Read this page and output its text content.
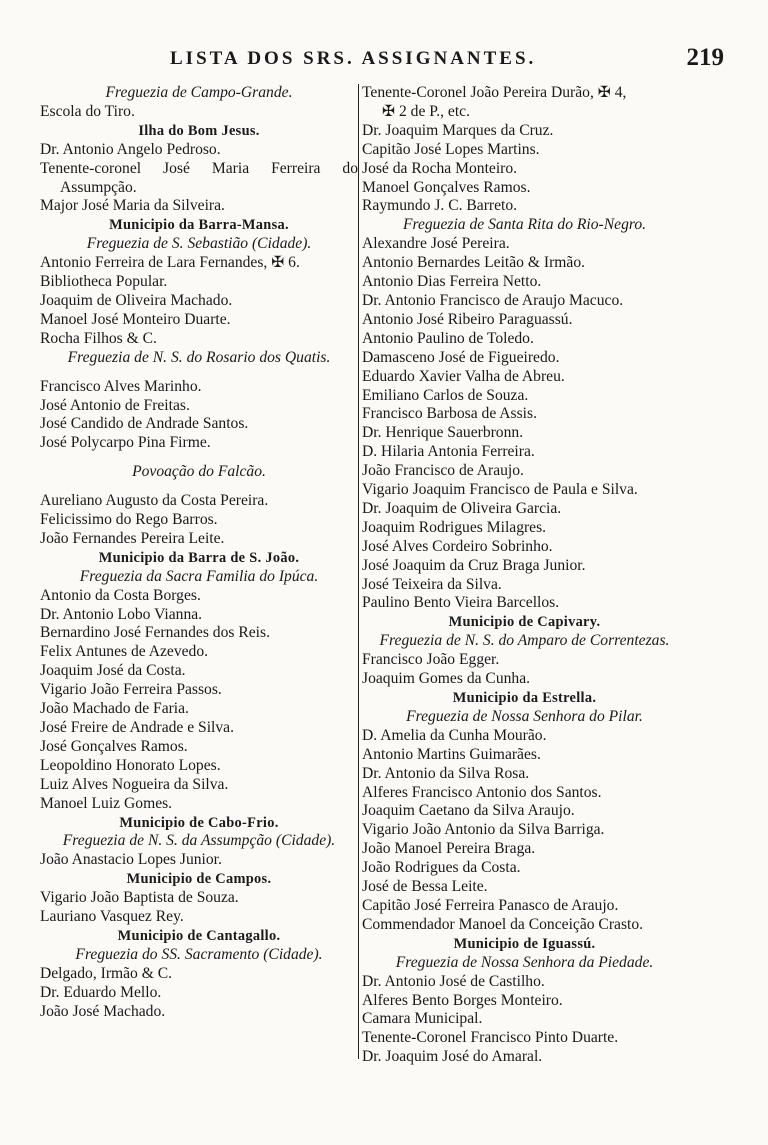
LISTA DOS SRS. ASSIGNANTES.	219
Freguezia de Campo-Grande.
Escola do Tiro.
Ilha do Bom Jesus.
Dr. Antonio Angelo Pedroso.
Tenente-coronel José Maria Ferreira do
Assumpção.
Major José Maria da Silveira.
Municipio da Barra-Mansa.
Freguezia de S. Sebastião (Cidade).
Antonio Ferreira de Lara Fernandes, ✠ 6.
Bibliotheca Popular.
Joaquim de Oliveira Machado.
Manoel José Monteiro Duarte.
Rocha Filhos & C.
Freguezia de N. S. do Rosario dos Quatis.
Francisco Alves Marinho.
José Antonio de Freitas.
José Candido de Andrade Santos.
José Polycarpo Pina Firme.
Povoação do Falcão.
Aureliano Augusto da Costa Pereira.
Felicissimo do Rego Barros.
João Fernandes Pereira Leite.
Municipio da Barra de S. João.
Freguezia da Sacra Familia do Ipúca.
Antonio da Costa Borges.
Dr. Antonio Lobo Vianna.
Bernardino José Fernandes dos Reis.
Felix Antunes de Azevedo.
Joaquim José da Costa.
Vigario João Ferreira Passos.
João Machado de Faria.
José Freire de Andrade e Silva.
José Gonçalves Ramos.
Leopoldino Honorato Lopes.
Luiz Alves Nogueira da Silva.
Manoel Luiz Gomes.
Municipio de Cabo-Frio.
Freguezia de N. S. da Assumpção (Cidade).
João Anastacio Lopes Junior.
Municipio de Campos.
Vigario João Baptista de Souza.
Lauriano Vasquez Rey.
Municipio de Cantagallo.
Freguezia do SS. Sacramento (Cidade).
Delgado, Irmão & C.
Dr. Eduardo Mello.
João José Machado.
Tenente-Coronel João Pereira Durão, ✠ 4,
✠ 2 de P., etc.
Dr. Joaquim Marques da Cruz.
Capitão José Lopes Martins.
José da Rocha Monteiro.
Manoel Gonçalves Ramos.
Raymundo J. C. Barreto.
Freguezia de Santa Rita do Rio-Negro.
Alexandre José Pereira.
Antonio Bernardes Leitão & Irmão.
Antonio Dias Ferreira Netto.
Dr. Antonio Francisco de Araujo Macuco.
Antonio José Ribeiro Paraguassú.
Antonio Paulino de Toledo.
Damasceno José de Figueiredo.
Eduardo Xavier Valha de Abreu.
Emiliano Carlos de Souza.
Francisco Barbosa de Assis.
Dr. Henrique Sauerbronn.
D. Hilaria Antonia Ferreira.
João Francisco de Araujo.
Vigario Joaquim Francisco de Paula e Silva.
Dr. Joaquim de Oliveira Garcia.
Joaquim Rodrigues Milagres.
José Alves Cordeiro Sobrinho.
José Joaquim da Cruz Braga Junior.
José Teixeira da Silva.
Paulino Bento Vieira Barcellos.
Municipio de Capivary.
Freguezia de N. S. do Amparo de Correntezas.
Francisco João Egger.
Joaquim Gomes da Cunha.
Municipio da Estrella.
Freguezia de Nossa Senhora do Pilar.
D. Amelia da Cunha Mourão.
Antonio Martins Guimarães.
Dr. Antonio da Silva Rosa.
Alferes Francisco Antonio dos Santos.
Joaquim Caetano da Silva Araujo.
Vigario João Antonio da Silva Barriga.
João Manoel Pereira Braga.
João Rodrigues da Costa.
José de Bessa Leite.
Capitão José Ferreira Panasco de Araujo.
Commendador Manoel da Conceição Crasto.
Municipio de Iguassú.
Freguezia de Nossa Senhora da Piedade.
Dr. Antonio José de Castilho.
Alferes Bento Borges Monteiro.
Camara Municipal.
Tenente-Coronel Francisco Pinto Duarte.
Dr. Joaquim José do Amaral.
